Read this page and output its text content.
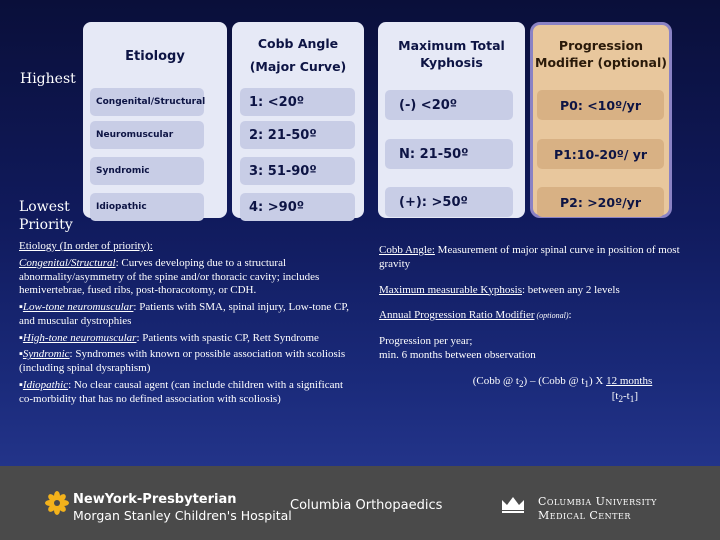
Highest
Lowest
Priority
Etiology
Congenital/Structural
Neuromuscular
Syndromic
Idiopathic
Cobb Angle
(Major Curve)
1: <20º
2: 21-50º
3: 51-90º
4: >90º
Maximum Total
Kyphosis
(-) <20º
N: 21-50º
(+): >50º
Progression
Modifier (optional)
P0: <10º/yr
P1:10-20º/ yr
P2: >20º/yr

Etiology (In order of priority):

Congenital/Structural: Curves developing due to a structural abnormality/asymmetry of the spine and/or thoracic cavity; includes hemivertebrae, fused ribs, post-thoracotomy, or CDH.

▪Low-tone neuromuscular: Patients with SMA, spinal injury, Low-tone CP, and muscular dystrophies

▪High-tone neuromuscular: Patients with spastic CP, Rett Syndrome

▪Syndromic: Syndromes with known or possible association with scoliosis (including spinal dysraphism)

▪Idiopathic: No clear causal agent (can include children with a significant co-morbidity that has no defined association with scoliosis)

Cobb Angle: Measurement of major spinal curve in position of most gravity

Maximum measurable Kyphosis: between any 2 levels

Annual Progression Ratio Modifier (optional):

Progression per year;

min. 6 months between observation

(Cobb @ $t_2$) – (Cobb @ $t_1$) X 12 months
$[t_2-t_1]$
NewYork-Presbyterian
Morgan Stanley Children's Hospital
Columbia Orthopaedics	Columbia University
Medical Center
